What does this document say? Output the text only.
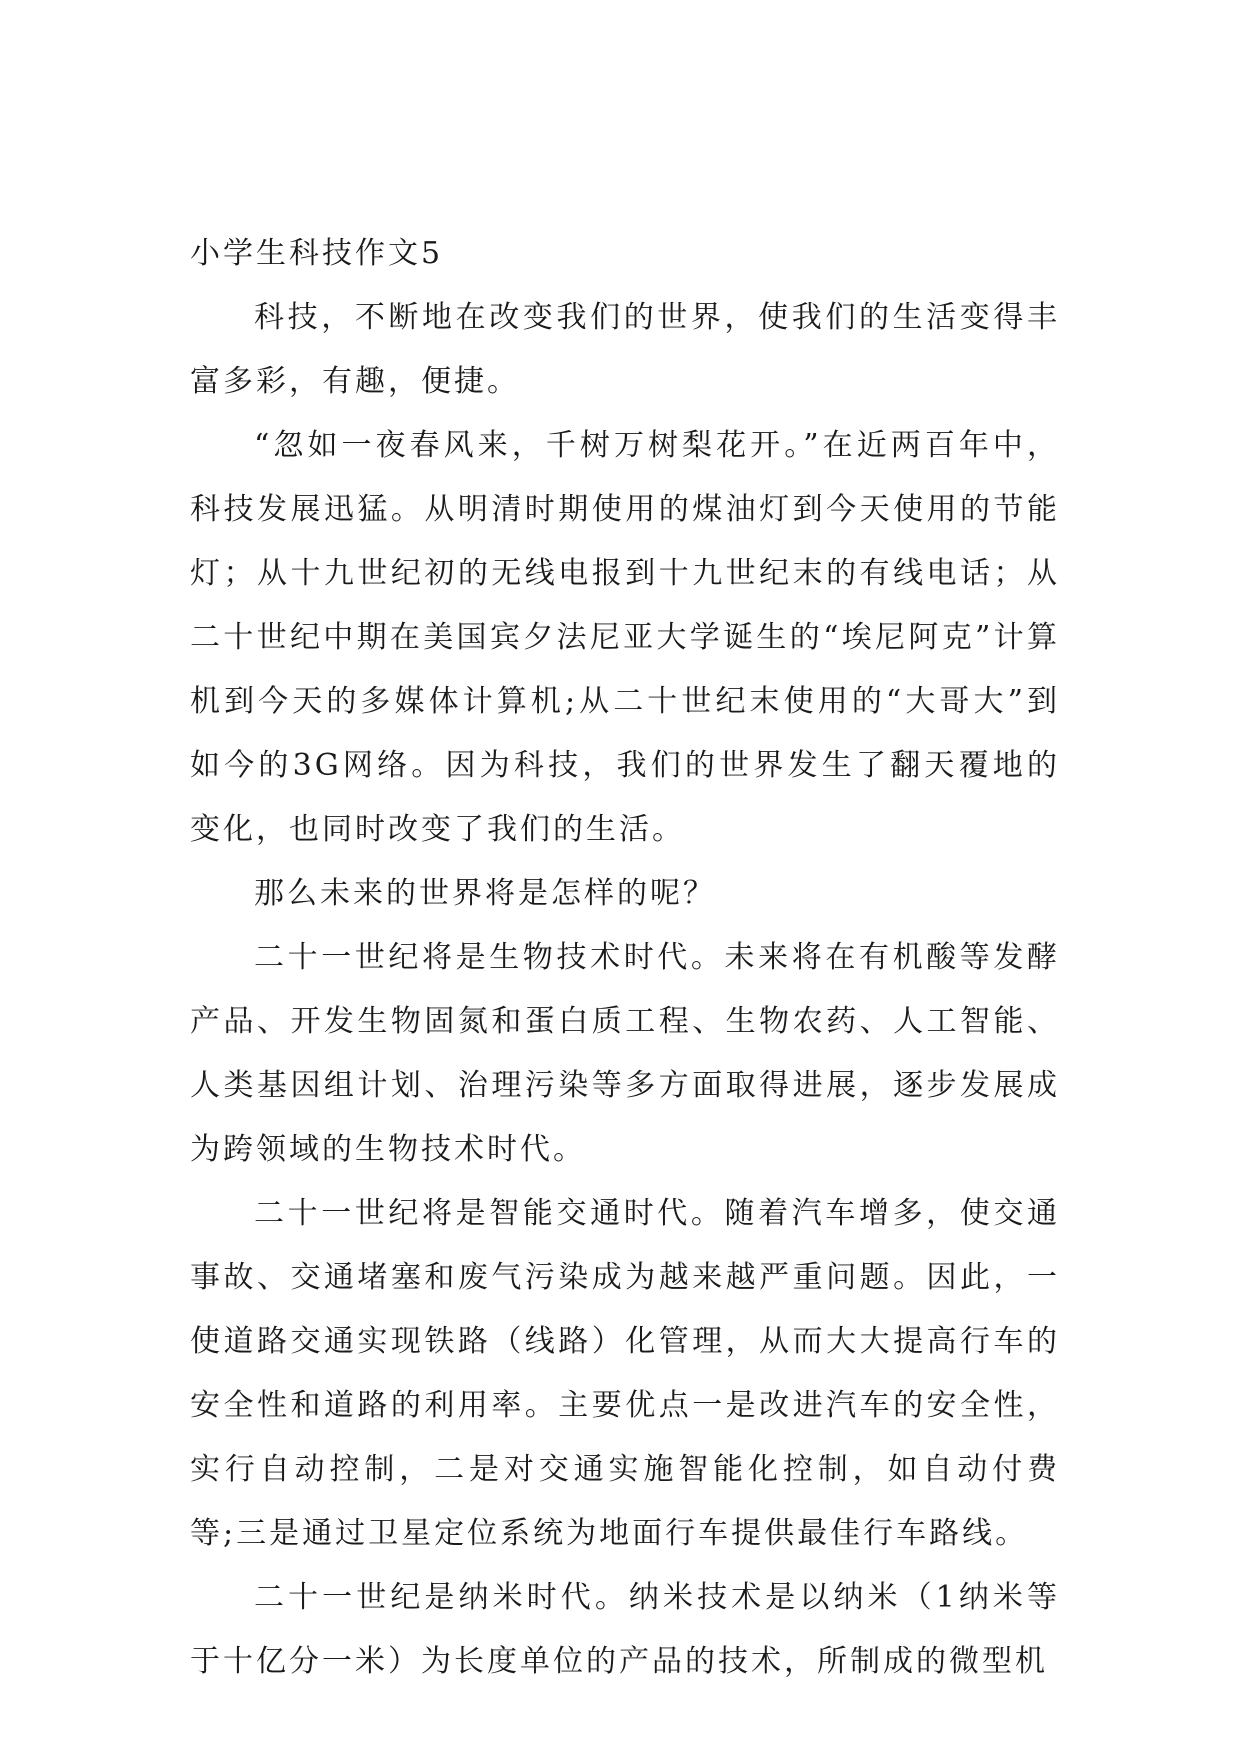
小学生科技作文5

科技，不断地在改变我们的世界，使我们的生活变得丰富多彩，有趣，便捷。

“忽如一夜春风来，千树万树梨花开。”在近两百年中，科技发展迅猛。从明清时期使用的煤油灯到今天使用的节能灯；从十九世纪初的无线电报到十九世纪末的有线电话；从二十世纪中期在美国宾夕法尼亚大学诞生的“埃尼阿克”计算机到今天的多媒体计算机;从二十世纪末使用的“大哥大”到如今的3G网络。因为科技，我们的世界发生了翻天覆地的变化，也同时改变了我们的生活。

那么未来的世界将是怎样的呢？

二十一世纪将是生物技术时代。未来将在有机酸等发酵产品、开发生物固氮和蛋白质工程、生物农药、人工智能、人类基因组计划、治理污染等多方面取得进展，逐步发展成为跨领域的生物技术时代。

二十一世纪将是智能交通时代。随着汽车增多，使交通事故、交通堵塞和废气污染成为越来越严重问题。因此，一使道路交通实现铁路（线路）化管理，从而大大提高行车的安全性和道路的利用率。主要优点一是改进汽车的安全性，实行自动控制，二是对交通实施智能化控制，如自动付费等;三是通过卫星定位系统为地面行车提供最佳行车路线。

二十一世纪是纳米时代。纳米技术是以纳米（1纳米等于十亿分一米）为长度单位的产品的技术，所制成的微型机
